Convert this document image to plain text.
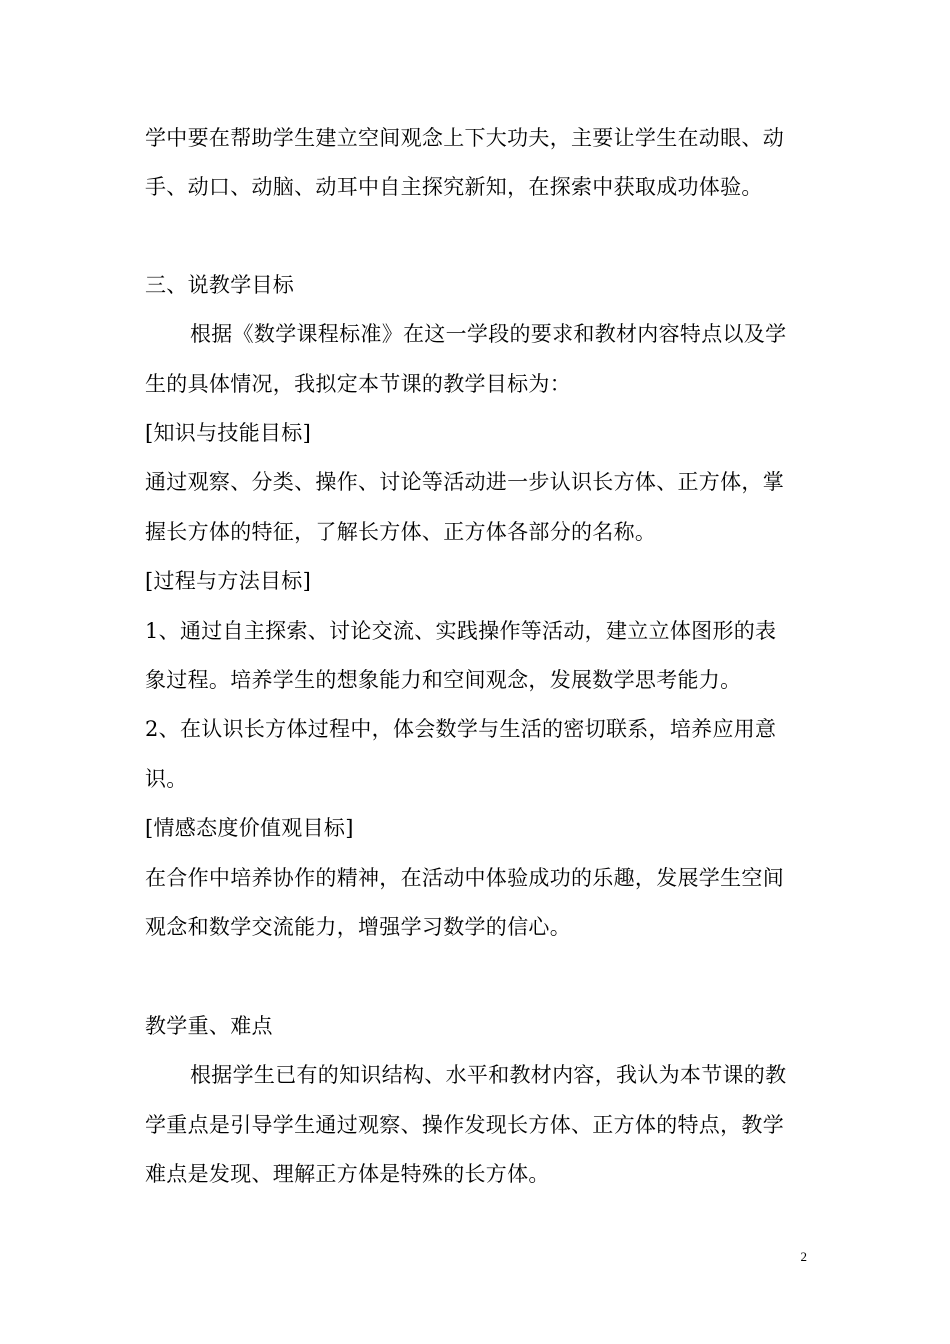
学中要在帮助学生建立空间观念上下大功夫，主要让学生在动眼、动
手、动口、动脑、动耳中自主探究新知，在探索中获取成功体验。
三、说教学目标
根据《数学课程标准》在这一学段的要求和教材内容特点以及学
生的具体情况，我拟定本节课的教学目标为：
[知识与技能目标]
通过观察、分类、操作、讨论等活动进一步认识长方体、正方体，掌
握长方体的特征，了解长方体、正方体各部分的名称。
[过程与方法目标]
1、通过自主探索、讨论交流、实践操作等活动，建立立体图形的表
象过程。培养学生的想象能力和空间观念，发展数学思考能力。
2、在认识长方体过程中，体会数学与生活的密切联系，培养应用意
识。
[情感态度价值观目标]
在合作中培养协作的精神，在活动中体验成功的乐趣，发展学生空间
观念和数学交流能力，增强学习数学的信心。
教学重、难点
根据学生已有的知识结构、水平和教材内容，我认为本节课的教
学重点是引导学生通过观察、操作发现长方体、正方体的特点，教学
难点是发现、理解正方体是特殊的长方体。
2
